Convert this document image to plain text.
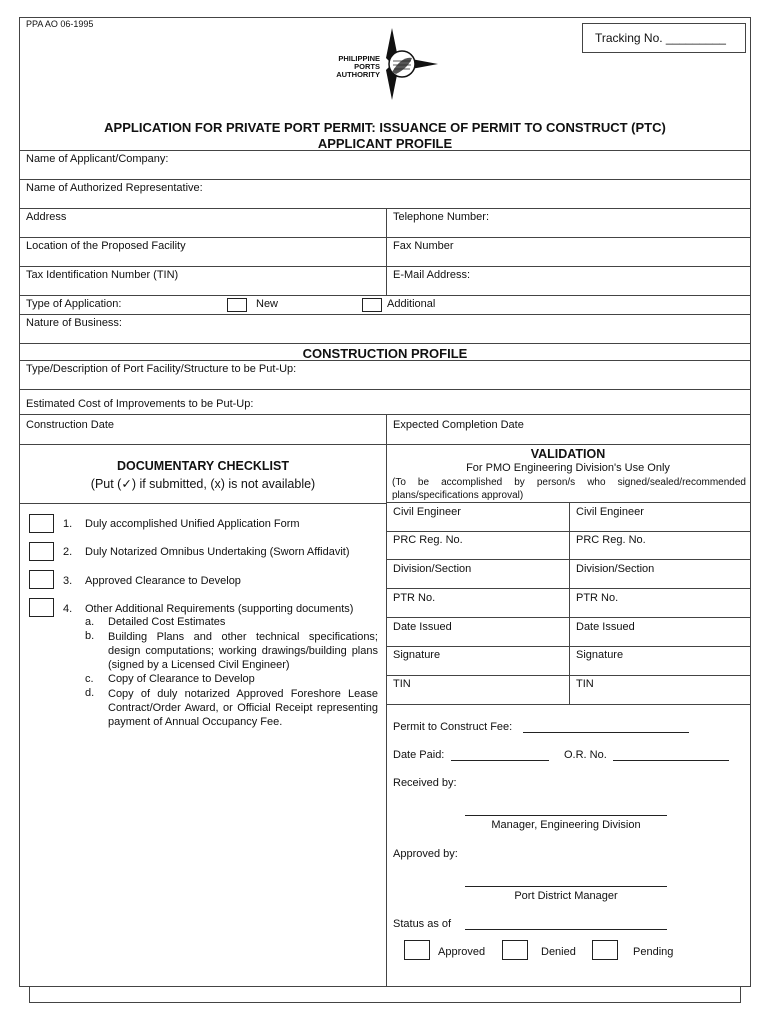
PPA AO 06-1995
Tracking No. _________
PHILIPPINE
PORTS
AUTHORITY
APPLICATION FOR PRIVATE PORT PERMIT: ISSUANCE OF PERMIT TO CONSTRUCT (PTC)
APPLICANT PROFILE
Name of Applicant/Company:
Name of Authorized Representative:
Address	Telephone Number:
Location of the Proposed Facility	Fax Number
Tax Identification Number (TIN)	E-Mail Address:
Type of Application:	New	Additional
Nature of Business:
CONSTRUCTION PROFILE
Type/Description of Port Facility/Structure to be Put-Up:
Estimated Cost of Improvements to be Put-Up:
Construction Date	Expected Completion Date
DOCUMENTARY CHECKLIST
(Put (✓) if submitted, (x) is not available)
1. Duly accomplished Unified Application Form
2. Duly Notarized Omnibus Undertaking (Sworn Affidavit)
3. Approved Clearance to Develop
4. Other Additional Requirements (supporting documents)
a. Detailed Cost Estimates
b. Building Plans and other technical specifications; design computations; working drawings/building plans (signed by a Licensed Civil Engineer)
c. Copy of Clearance to Develop
d. Copy of duly notarized Approved Foreshore Lease Contract/Order Award, or Official Receipt representing payment of Annual Occupancy Fee.
VALIDATION
For PMO Engineering Division's Use Only
(To be accomplished by person/s who signed/sealed/recommended plans/specifications approval)
Civil Engineer	Civil Engineer
PRC Reg. No.	PRC Reg. No.
Division/Section	Division/Section
PTR No.	PTR No.
Date Issued	Date Issued
Signature	Signature
TIN	TIN
Permit to Construct Fee:
Date Paid:	O.R. No.
Received by:
Manager, Engineering Division
Approved by:
Port District Manager
Status as of
Approved	Denied	Pending
